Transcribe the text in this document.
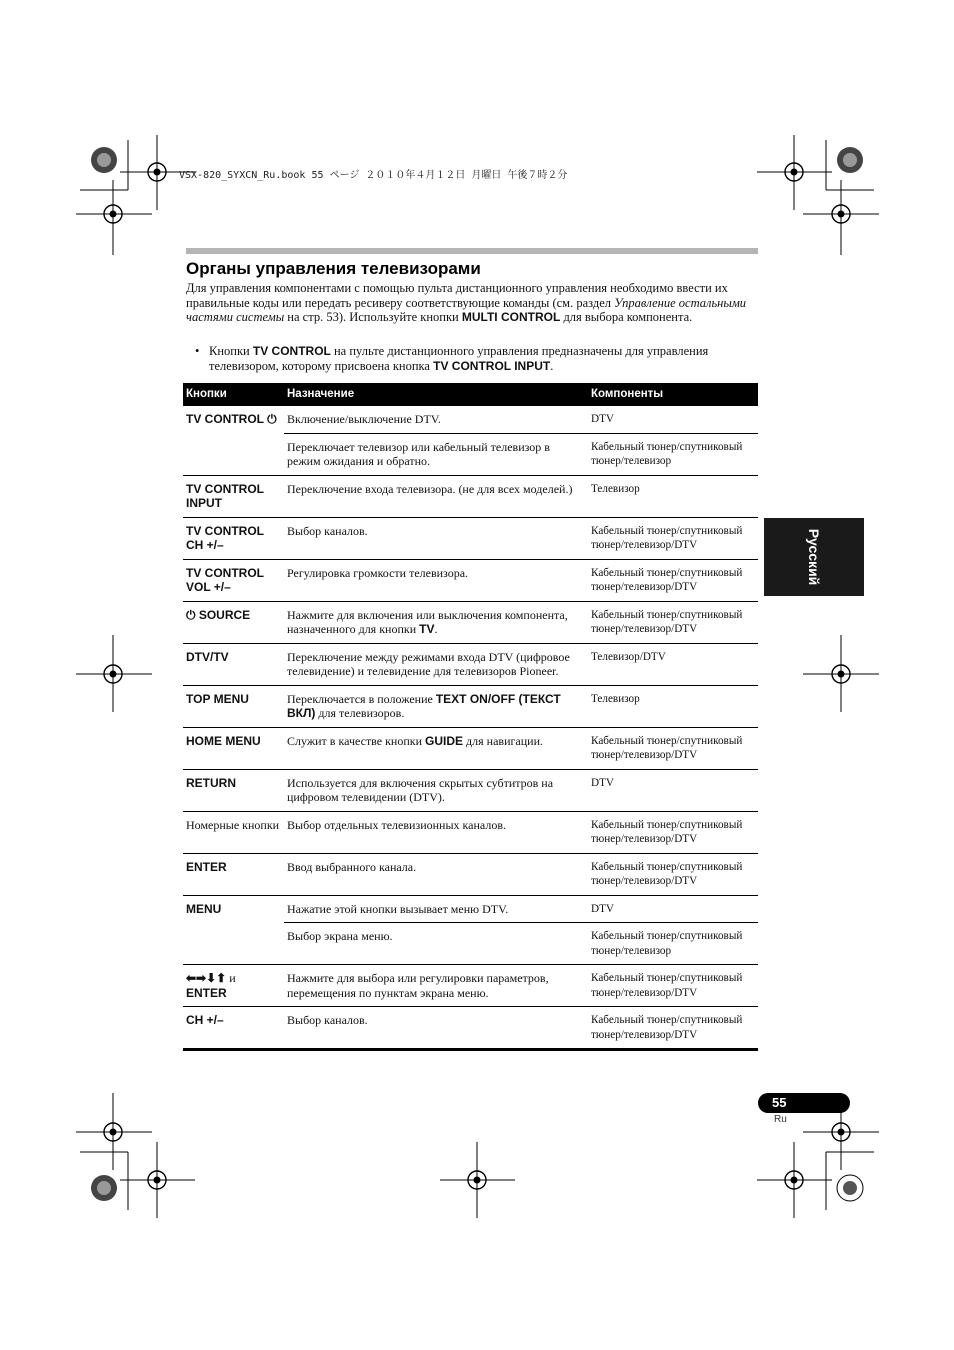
VSX-820_SYXCN_Ru.book 55 ページ ２０１０年４月１２日 月曜日 午後７時２分
Органы управления телевизорами
Для управления компонентами с помощью пульта дистанционного управления необходимо ввести их правильные коды или передать ресиверу соответствующие команды (см. раздел Управление остальными частями системы на стр. 53). Используйте кнопки MULTI CONTROL для выбора компонента.
• Кнопки TV CONTROL на пульте дистанционного управления предназначены для управления телевизором, которому присвоена кнопка TV CONTROL INPUT.
Кнопки	Назначение	Компоненты
TV CONTROL ⏻	Включение/выключение DTV.	DTV
	Переключает телевизор или кабельный телевизор в режим ожидания и обратно.	Кабельный тюнер/спутниковый тюнер/телевизор
TV CONTROL INPUT	Переключение входа телевизора. (не для всех моделей.)	Телевизор
TV CONTROL CH +/–	Выбор каналов.	Кабельный тюнер/спутниковый тюнер/телевизор/DTV
TV CONTROL VOL +/–	Регулировка громкости телевизора.	Кабельный тюнер/спутниковый тюнер/телевизор/DTV
⏻ SOURCE	Нажмите для включения или выключения компонента, назначенного для кнопки TV.	Кабельный тюнер/спутниковый тюнер/телевизор/DTV
DTV/TV	Переключение между режимами входа DTV (цифровое телевидение) и телевидение для телевизоров Pioneer.	Телевизор/DTV
TOP MENU	Переключается в положение TEXT ON/OFF (ТЕКСТ ВКЛ) для телевизоров.	Телевизор
HOME MENU	Служит в качестве кнопки GUIDE для навигации.	Кабельный тюнер/спутниковый тюнер/телевизор/DTV
RETURN	Используется для включения скрытых субтитров на цифровом телевидении (DTV).	DTV
Номерные кнопки	Выбор отдельных телевизионных каналов.	Кабельный тюнер/спутниковый тюнер/телевизор/DTV
ENTER	Ввод выбранного канала.	Кабельный тюнер/спутниковый тюнер/телевизор/DTV
MENU	Нажатие этой кнопки вызывает меню DTV.	DTV
	Выбор экрана меню.	Кабельный тюнер/спутниковый тюнер/телевизор
⬅➡⬇⬆ и
ENTER	Нажмите для выбора или регулировки параметров, перемещения по пунктам экрана меню.	Кабельный тюнер/спутниковый тюнер/телевизор/DTV
CH +/–	Выбор каналов.	Кабельный тюнер/спутниковый тюнер/телевизор/DTV
Русский
55
Ru
